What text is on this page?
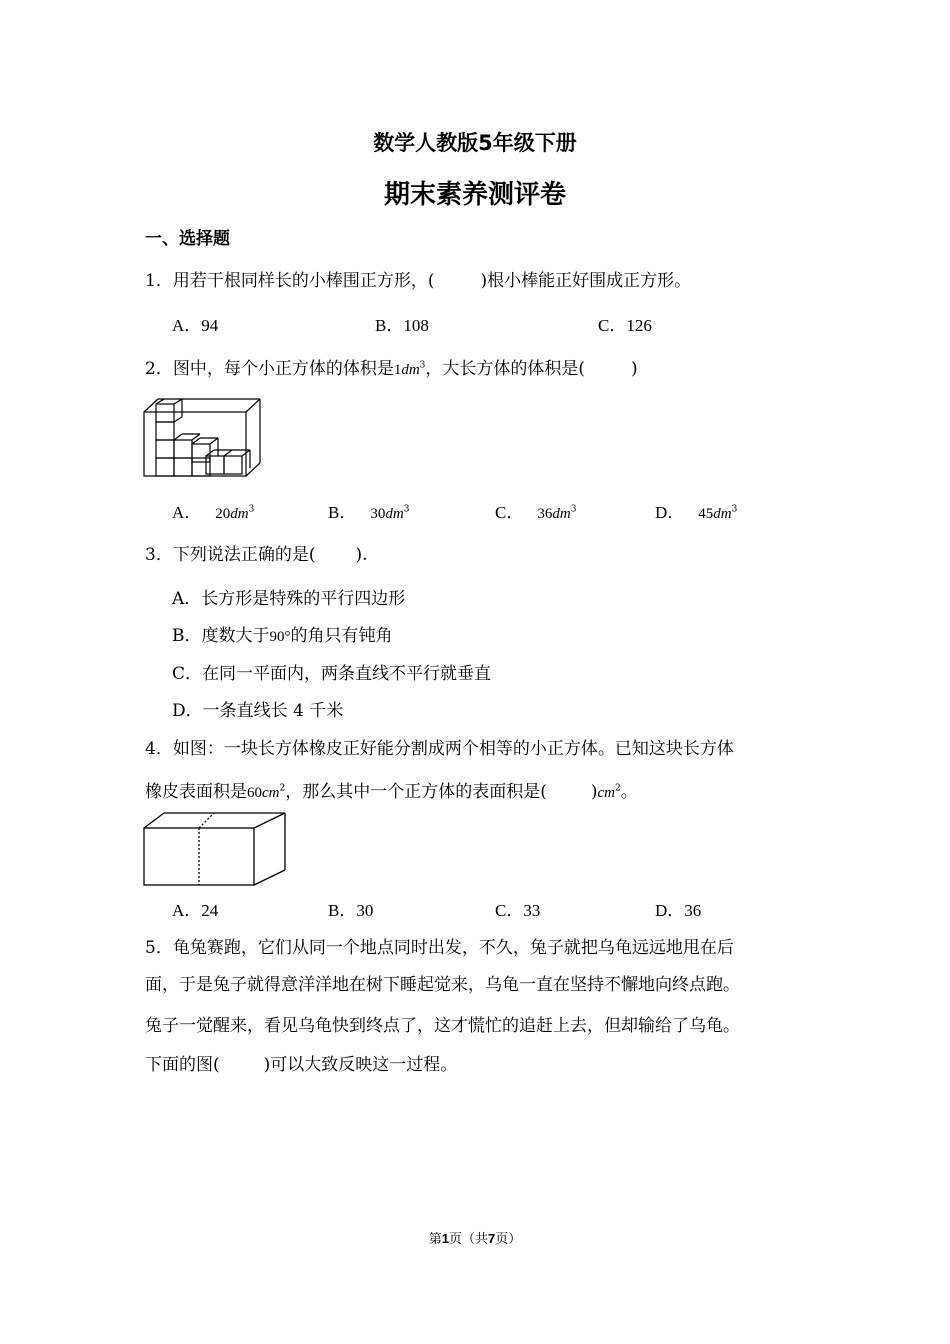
数学人教版5年级下册
期末素养测评卷
一、选择题
1．用若干根同样长的小棒围正方形，(	)根小棒能正好围成正方形。
A．94	B．108	C．126
2．图中，每个小正方体的体积是$1dm^3$，大长方体的体积是(	)
A． $20dm^3$	B． $30dm^3$	C． $36dm^3$	D． $45dm^3$
3．下列说法正确的是( ).
A．长方形是特殊的平行四边形
B．度数大于90°的角只有钝角
C．在同一平面内，两条直线不平行就垂直
D．一条直线长 4 千米
4．如图：一块长方体橡皮正好能分割成两个相等的小正方体。已知这块长方体
橡皮表面积是$60cm^2$，那么其中一个正方体的表面积是(	)$cm^2$。
A．24	B．30	C．33	D．36
5．龟兔赛跑，它们从同一个地点同时出发，不久，兔子就把乌龟远远地甩在后
面，于是兔子就得意洋洋地在树下睡起觉来，乌龟一直在坚持不懈地向终点跑。
兔子一觉醒来，看见乌龟快到终点了，这才慌忙的追赶上去，但却输给了乌龟。
下面的图(	)可以大致反映这一过程。
第1页（共7页）
